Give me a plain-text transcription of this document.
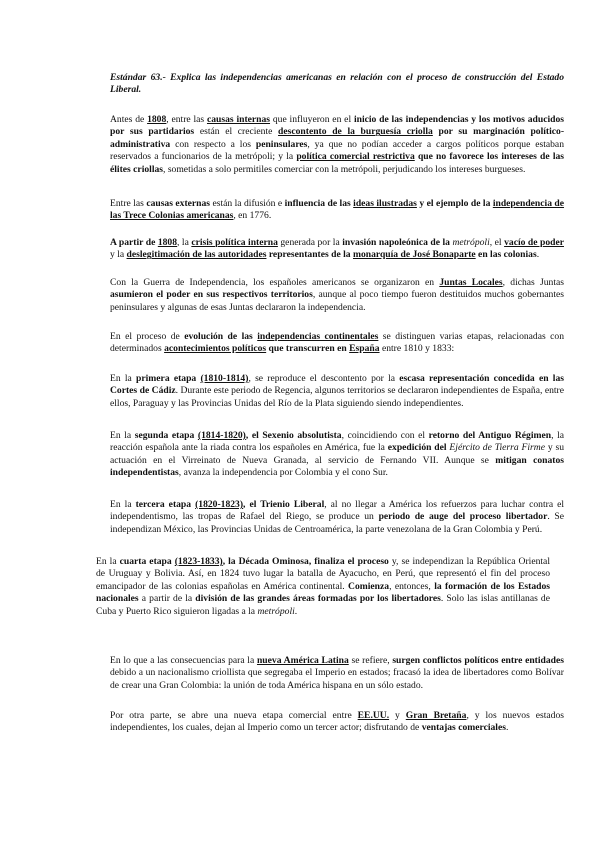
Estándar 63.- Explica las independencias americanas en relación con el proceso de construcción del Estado Liberal.

Antes de 1808, entre las causas internas que influyeron en el inicio de las independencias y los motivos aducidos por sus partidarios están el creciente descontento de la burguesía criolla por su marginación político-administrativa con respecto a los peninsulares, ya que no podían acceder a cargos políticos porque estaban reservados a funcionarios de la metrópoli; y la política comercial restrictiva que no favorece los intereses de las élites criollas, sometidas a solo permitiles comerciar con la metrópoli, perjudicando los intereses burgueses.

Entre las causas externas están la difusión e influencia de las ideas ilustradas y el ejemplo de la independencia de las Trece Colonias americanas, en 1776.

A partir de 1808, la crisis política interna generada por la invasión napoleónica de la metrópoli, el vacío de poder y la deslegitimación de las autoridades representantes de la monarquía de José Bonaparte en las colonias.

Con la Guerra de Independencia, los españoles americanos se organizaron en Juntas Locales, dichas Juntas asumieron el poder en sus respectivos territorios, aunque al poco tiempo fueron destituidos muchos gobernantes peninsulares y algunas de esas Juntas declararon la independencia.

En el proceso de evolución de las independencias continentales se distinguen varias etapas, relacionadas con determinados acontecimientos políticos que transcurren en España entre 1810 y 1833:

En la primera etapa (1810-1814), se reproduce el descontento por la escasa representación concedida en las Cortes de Cádiz. Durante este periodo de Regencia, algunos territorios se declararon independientes de España, entre ellos, Paraguay y las Provincias Unidas del Río de la Plata siguiendo siendo independientes.

En la segunda etapa (1814-1820), el Sexenio absolutista, coincidiendo con el retorno del Antiguo Régimen, la reacción española ante la riada contra los españoles en América, fue la expedición del Ejército de Tierra Firme y su actuación en el Virreinato de Nueva Granada, al servicio de Fernando VII. Aunque se mitigan conatos independentistas, avanza la independencia por Colombia y el cono Sur.

En la tercera etapa (1820-1823), el Trienio Liberal, al no llegar a América los refuerzos para luchar contra el independentismo, las tropas de Rafael del Riego, se produce un periodo de auge del proceso libertador. Se independizan México, las Provincias Unidas de Centroamérica, la parte venezolana de la Gran Colombia y Perú.

En la cuarta etapa (1823-1833), la Década Ominosa, finaliza el proceso y, se independizan la República Oriental de Uruguay y Bolivia. Así, en 1824 tuvo lugar la batalla de Ayacucho, en Perú, que representó el fin del proceso emancipador de las colonias españolas en América continental. Comienza, entonces, la formación de los Estados nacionales a partir de la división de las grandes áreas formadas por los libertadores. Solo las islas antillanas de Cuba y Puerto Rico siguieron ligadas a la metrópoli.

En lo que a las consecuencias para la nueva América Latina se refiere, surgen conflictos políticos entre entidades debido a un nacionalismo criollista que segregaba el Imperio en estados; fracasó la idea de libertadores como Bolívar de crear una Gran Colombia: la unión de toda América hispana en un sólo estado.

Por otra parte, se abre una nueva etapa comercial entre EE.UU. y Gran Bretaña, y los nuevos estados independientes, los cuales, dejan al Imperio como un tercer actor; disfrutando de ventajas comerciales.
